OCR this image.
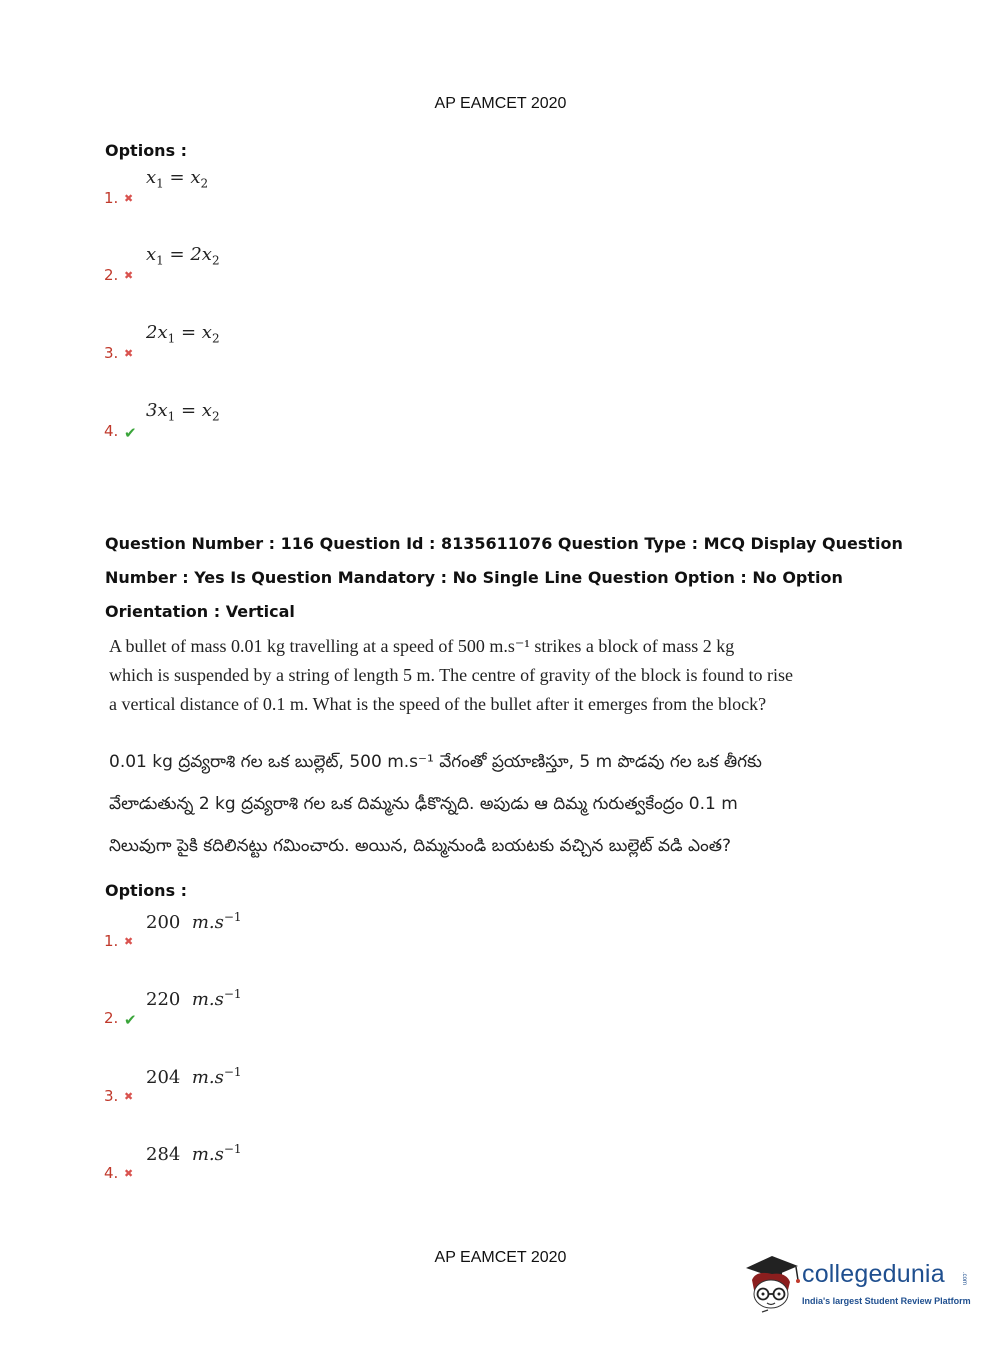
AP EAMCET 2020
Options :
1. ✖
$x_1 = x_2$
2. ✖
$x_1 = 2x_2$
3. ✖
$2x_1 = x_2$
4. ✔
$3x_1 = x_2$
Question Number : 116 Question Id : 8135611076 Question Type : MCQ Display Question
Number : Yes Is Question Mandatory : No Single Line Question Option : No Option
Orientation : Vertical
A bullet of mass 0.01 kg travelling at a speed of 500 m.s⁻¹ strikes a block of mass 2 kg
which is suspended by a string of length 5 m. The centre of gravity of the block is found to rise
a vertical distance of 0.1 m. What is the speed of the bullet after it emerges from the block?
0.01 kg ద్రవ్యరాశి గల ఒక బుల్లెట్, 500 m.s⁻¹ వేగంతో ప్రయాణిస్తూ, 5 m పొడవు గల ఒక తీగకు
వేలాడుతున్న 2 kg ద్రవ్యరాశి గల ఒక దిమ్మను ఢీకొన్నది. అపుడు ఆ దిమ్మ గురుత్వకేంద్రం 0.1 m
నిలువుగా పైకి కదిలినట్టు గమించారు. అయిన, దిమ్మనుండి బయటకు వచ్చిన బుల్లెట్ వడి ఎంత?
Options :
1. ✖
200  $m.s^{-1}$
2. ✔
220  $m.s^{-1}$
3. ✖
204  $m.s^{-1}$
4. ✖
284  $m.s^{-1}$
AP EAMCET 2020
collegedunia	.com
India's largest Student Review Platform
